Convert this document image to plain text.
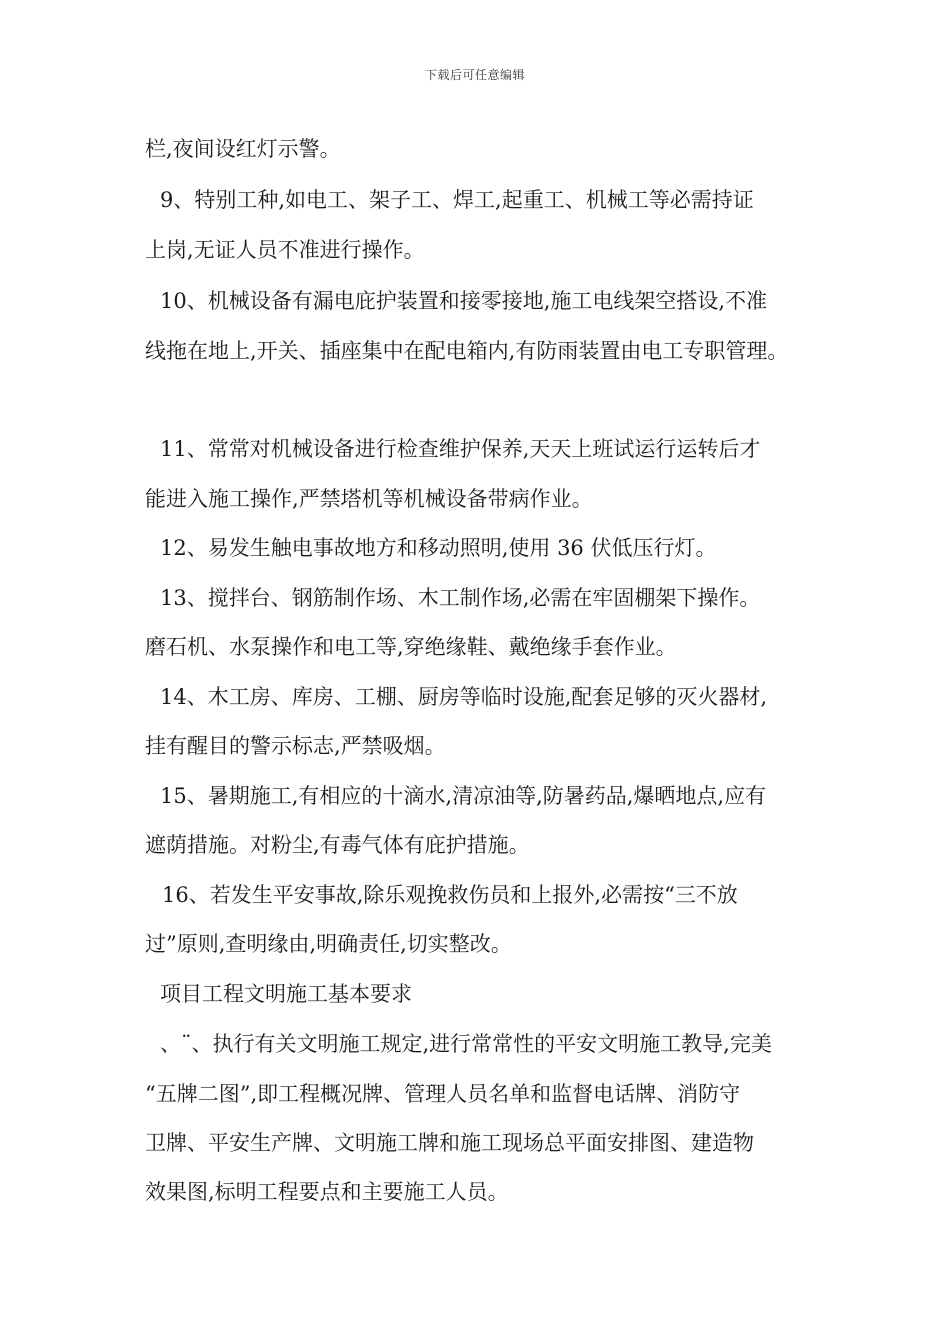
下载后可任意编辑
栏,夜间设红灯示警。
9、特别工种,如电工、架子工、焊工,起重工、机械工等必需持证
上岗,无证人员不准进行操作。
10、机械设备有漏电庇护装置和接零接地,施工电线架空搭设,不准
线拖在地上,开关、插座集中在配电箱内,有防雨装置由电工专职管理。
11、常常对机械设备进行检查维护保养,天天上班试运行运转后才
能进入施工操作,严禁塔机等机械设备带病作业。
12、易发生触电事故地方和移动照明,使用 36 伏低压行灯。
13、搅拌台、钢筋制作场、木工制作场,必需在牢固棚架下操作。
磨石机、水泵操作和电工等,穿绝缘鞋、戴绝缘手套作业。
14、木工房、库房、工棚、厨房等临时设施,配套足够的灭火器材,
挂有醒目的警示标志,严禁吸烟。
15、暑期施工,有相应的十滴水,清凉油等,防暑药品,爆晒地点,应有
遮荫措施。对粉尘,有毒气体有庇护措施。
16、若发生平安事故,除乐观挽救伤员和上报外,必需按“三不放
过”原则,查明缘由,明确责任,切实整改。
项目工程文明施工基本要求
、¨、执行有关文明施工规定,进行常常性的平安文明施工教导,完美
“五牌二图”,即工程概况牌、管理人员名单和监督电话牌、消防守
卫牌、平安生产牌、文明施工牌和施工现场总平面安排图、建造物
效果图,标明工程要点和主要施工人员。
